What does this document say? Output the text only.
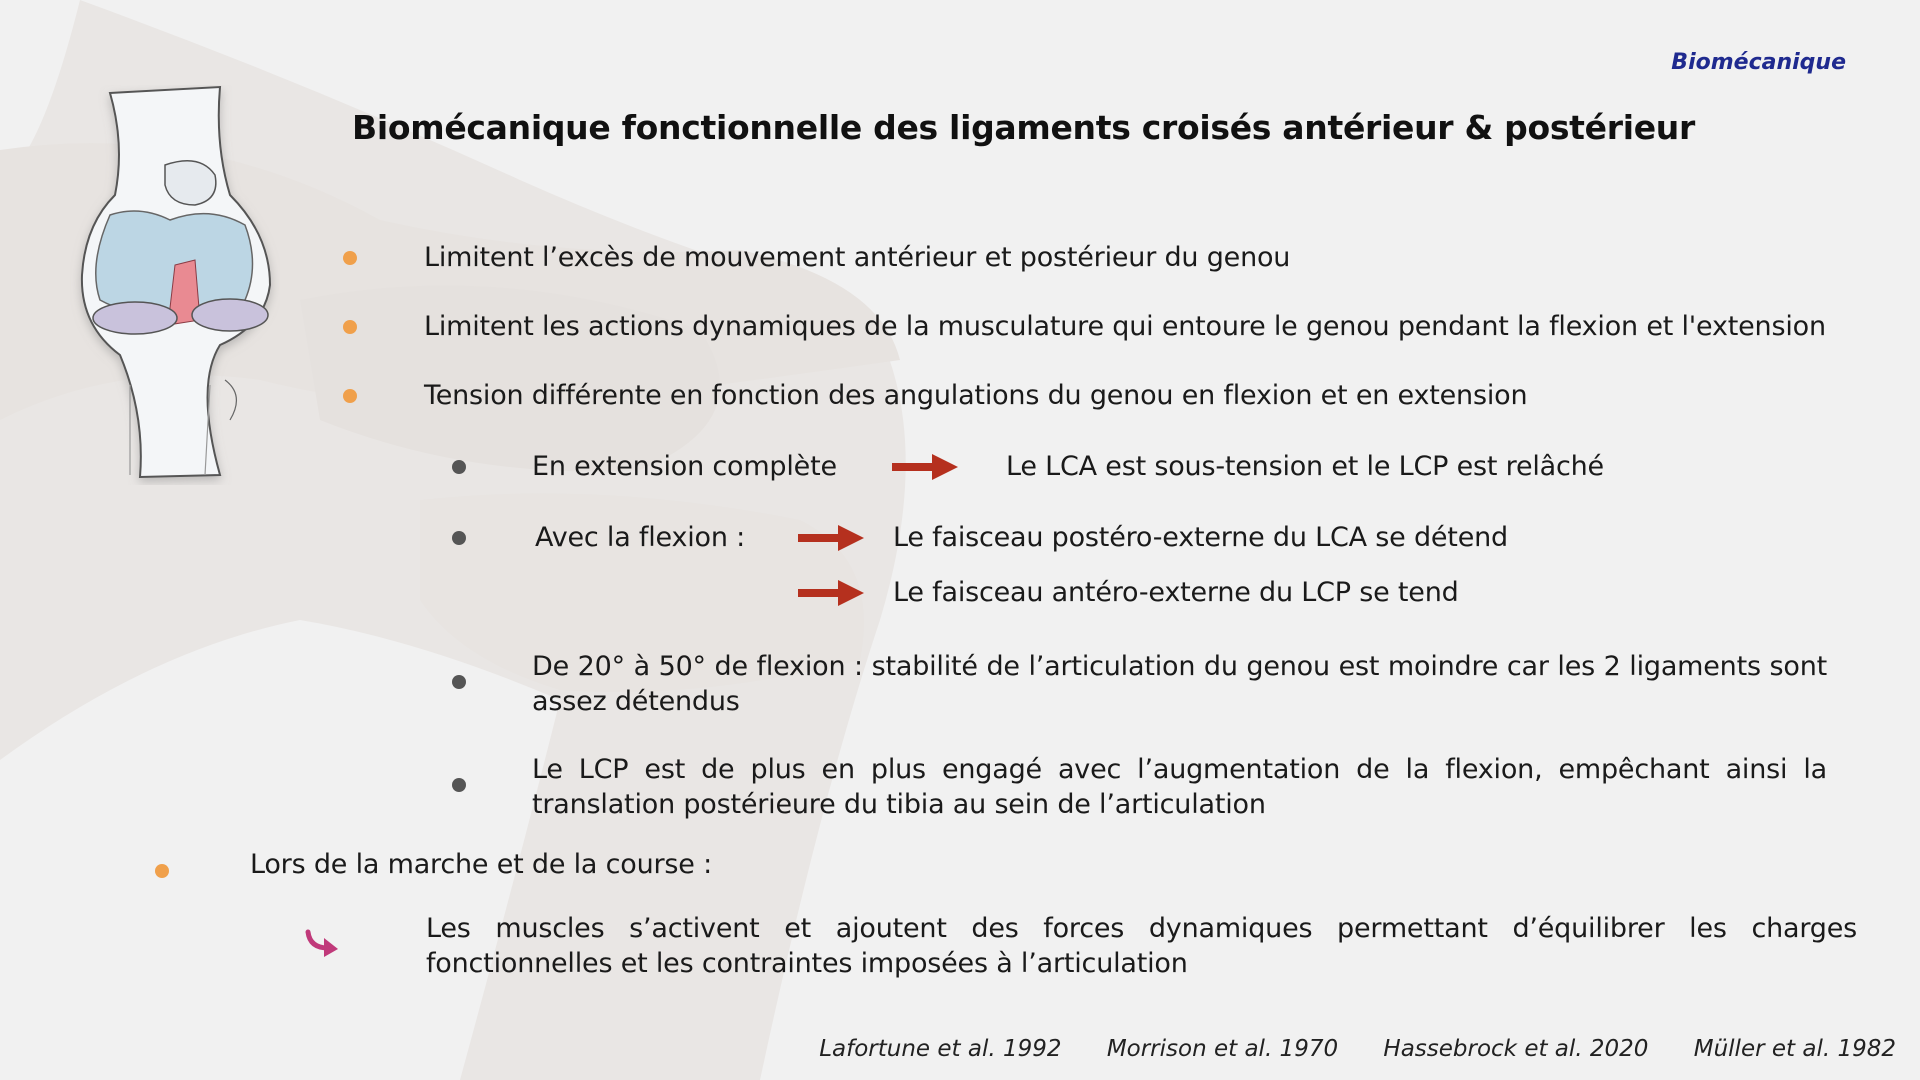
Biomécanique
Biomécanique fonctionnelle des ligaments croisés antérieur & postérieur
Limitent l’excès de mouvement antérieur et postérieur du genou
Limitent les actions dynamiques de la musculature qui entoure le genou pendant la flexion et l'extension
Tension différente en fonction des angulations du genou en flexion et en extension
En extension complète	Le LCA est sous-tension et le LCP est relâché
Avec la flexion :	Le faisceau postéro-externe du LCA se détend
Le faisceau antéro-externe du LCP se tend
De 20° à 50° de flexion : stabilité de l’articulation du genou est moindre car les 2 ligaments sont
assez détendus
Le LCP est de plus en plus engagé avec l’augmentation de la flexion, empêchant ainsi la
translation postérieure du tibia au sein de l’articulation
Lors de la marche et de la course :
Les muscles s’activent et ajoutent des forces dynamiques permettant d’équilibrer les charges
fonctionnelles et les contraintes imposées à l’articulation
Lafortune et al. 1992 Morrison et al. 1970 Hassebrock et al. 2020 Müller et al. 1982
